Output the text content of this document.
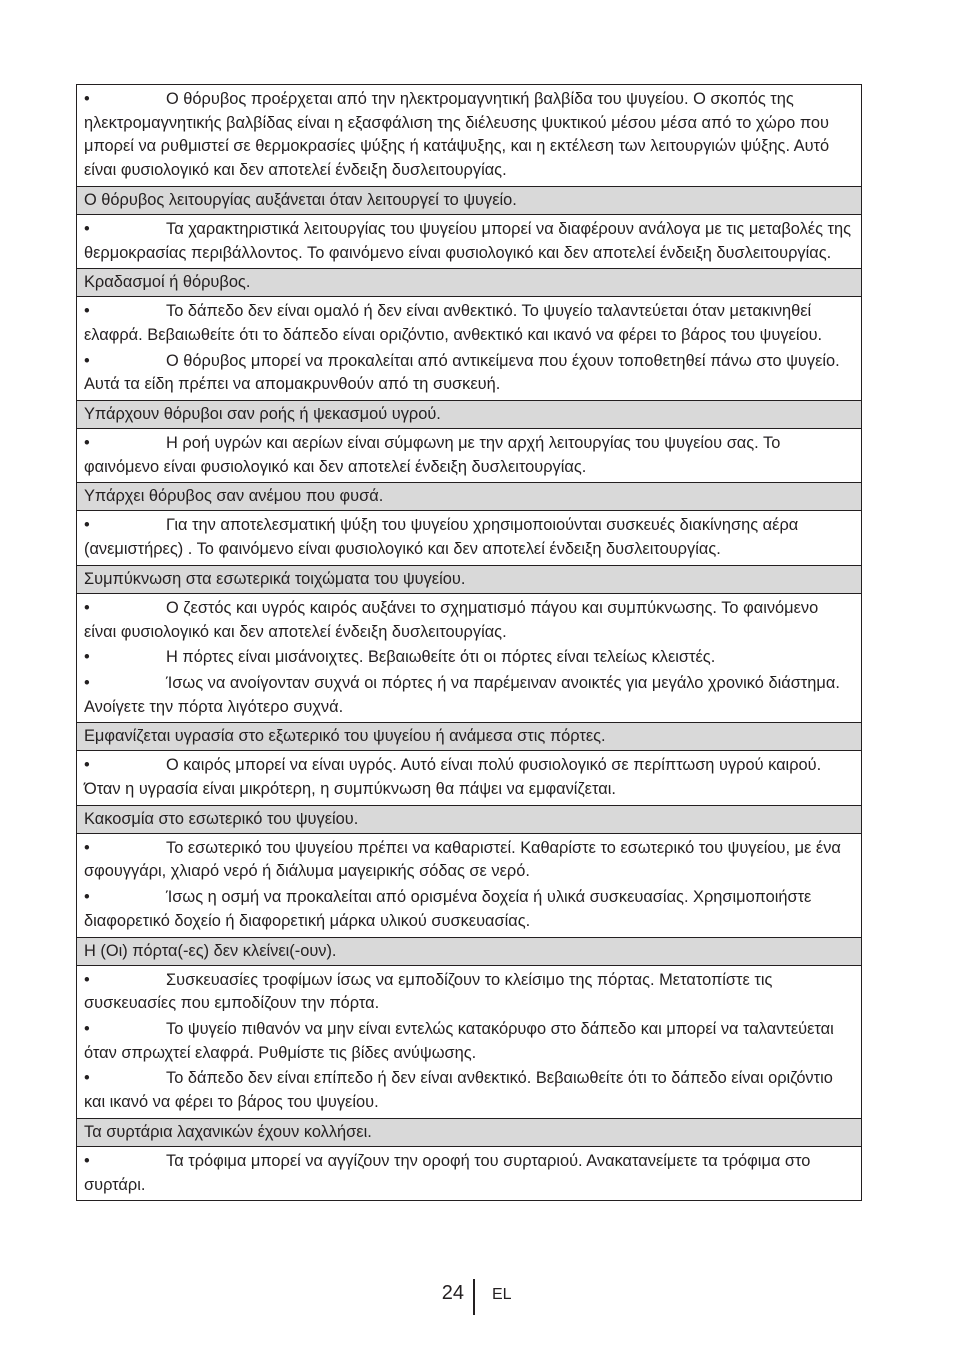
•	Ο θόρυβος προέρχεται από την ηλεκτρομαγνητική βαλβίδα του ψυγείου. Ο σκοπός της ηλεκτρομαγνητικής βαλβίδας είναι η εξασφάλιση της διέλευσης ψυκτικού μέσου μέσα από το χώρο που μπορεί να ρυθμιστεί σε θερμοκρασίες ψύξης ή κατάψυξης, και η εκτέλεση των λειτουργιών ψύξης. Αυτό είναι φυσιολογικό και δεν αποτελεί ένδειξη δυσλειτουργίας.
Ο θόρυβος λειτουργίας αυξάνεται όταν λειτουργεί το ψυγείο.
•	Τα χαρακτηριστικά λειτουργίας του ψυγείου μπορεί να διαφέρουν ανάλογα με τις μεταβολές της θερμοκρασίας περιβάλλοντος. Το φαινόμενο είναι φυσιολογικό και δεν αποτελεί ένδειξη δυσλειτουργίας.
Κραδασμοί ή θόρυβος.
•	Το δάπεδο δεν είναι ομαλό ή δεν είναι ανθεκτικό. Το ψυγείο ταλαντεύεται όταν μετακινηθεί ελαφρά. Βεβαιωθείτε ότι το δάπεδο είναι οριζόντιο, ανθεκτικό και ικανό να φέρει το βάρος του ψυγείου.
•	Ο θόρυβος μπορεί να προκαλείται από αντικείμενα που έχουν τοποθετηθεί πάνω στο ψυγείο. Αυτά τα είδη πρέπει να απομακρυνθούν από τη συσκευή.
Υπάρχουν θόρυβοι σαν ροής ή ψεκασμού υγρού.
•	Η ροή υγρών και αερίων είναι σύμφωνη με την αρχή λειτουργίας του ψυγείου σας. Το φαινόμενο είναι φυσιολογικό και δεν αποτελεί ένδειξη δυσλειτουργίας.
Υπάρχει θόρυβος σαν ανέμου που φυσά.
•	Για την αποτελεσματική ψύξη του ψυγείου χρησιμοποιούνται συσκευές διακίνησης αέρα (ανεμιστήρες) . Το φαινόμενο είναι φυσιολογικό και δεν αποτελεί ένδειξη δυσλειτουργίας.
Συμπύκνωση στα εσωτερικά τοιχώματα του ψυγείου.
•	Ο ζεστός και υγρός καιρός αυξάνει το σχηματισμό πάγου και συμπύκνωσης. Το φαινόμενο είναι φυσιολογικό και δεν αποτελεί ένδειξη δυσλειτουργίας.
•	Η πόρτες είναι μισάνοιχτες. Βεβαιωθείτε ότι οι πόρτες είναι τελείως κλειστές.
•	Ίσως να ανοίγονταν συχνά οι πόρτες ή να παρέμειναν ανοικτές για μεγάλο χρονικό διάστημα. Ανοίγετε την πόρτα λιγότερο συχνά.
Εμφανίζεται υγρασία στο εξωτερικό του ψυγείου ή ανάμεσα στις πόρτες.
•	Ο καιρός μπορεί να είναι υγρός. Αυτό είναι πολύ φυσιολογικό σε περίπτωση υγρού καιρού. Όταν η υγρασία είναι μικρότερη, η συμπύκνωση θα πάψει να εμφανίζεται.
Κακοσμία στο εσωτερικό του ψυγείου.
•	Το εσωτερικό του ψυγείου πρέπει να καθαριστεί. Καθαρίστε το εσωτερικό του ψυγείου, με ένα σφουγγάρι, χλιαρό νερό ή διάλυμα μαγειρικής σόδας σε νερό.
•	Ίσως η οσμή να προκαλείται από ορισμένα δοχεία ή υλικά συσκευασίας. Χρησιμοποιήστε διαφορετικό δοχείο ή διαφορετική μάρκα υλικού συσκευασίας.
Η (Οι) πόρτα(-ες) δεν κλείνει(-ουν).
•	Συσκευασίες τροφίμων ίσως να εμποδίζουν το κλείσιμο της πόρτας. Μετατοπίστε τις συσκευασίες που εμποδίζουν την πόρτα.
•	Το ψυγείο πιθανόν να μην είναι εντελώς κατακόρυφο στο δάπεδο και μπορεί να ταλαντεύεται όταν σπρωχτεί ελαφρά. Ρυθμίστε τις βίδες ανύψωσης.
•	Το δάπεδο δεν είναι επίπεδο ή δεν είναι ανθεκτικό. Βεβαιωθείτε ότι το δάπεδο είναι οριζόντιο και ικανό να φέρει το βάρος του ψυγείου.
Τα συρτάρια λαχανικών έχουν κολλήσει.
•	Τα τρόφιμα μπορεί να αγγίζουν την οροφή του συρταριού. Ανακατανείμετε τα τρόφιμα στο συρτάρι.
24 EL
